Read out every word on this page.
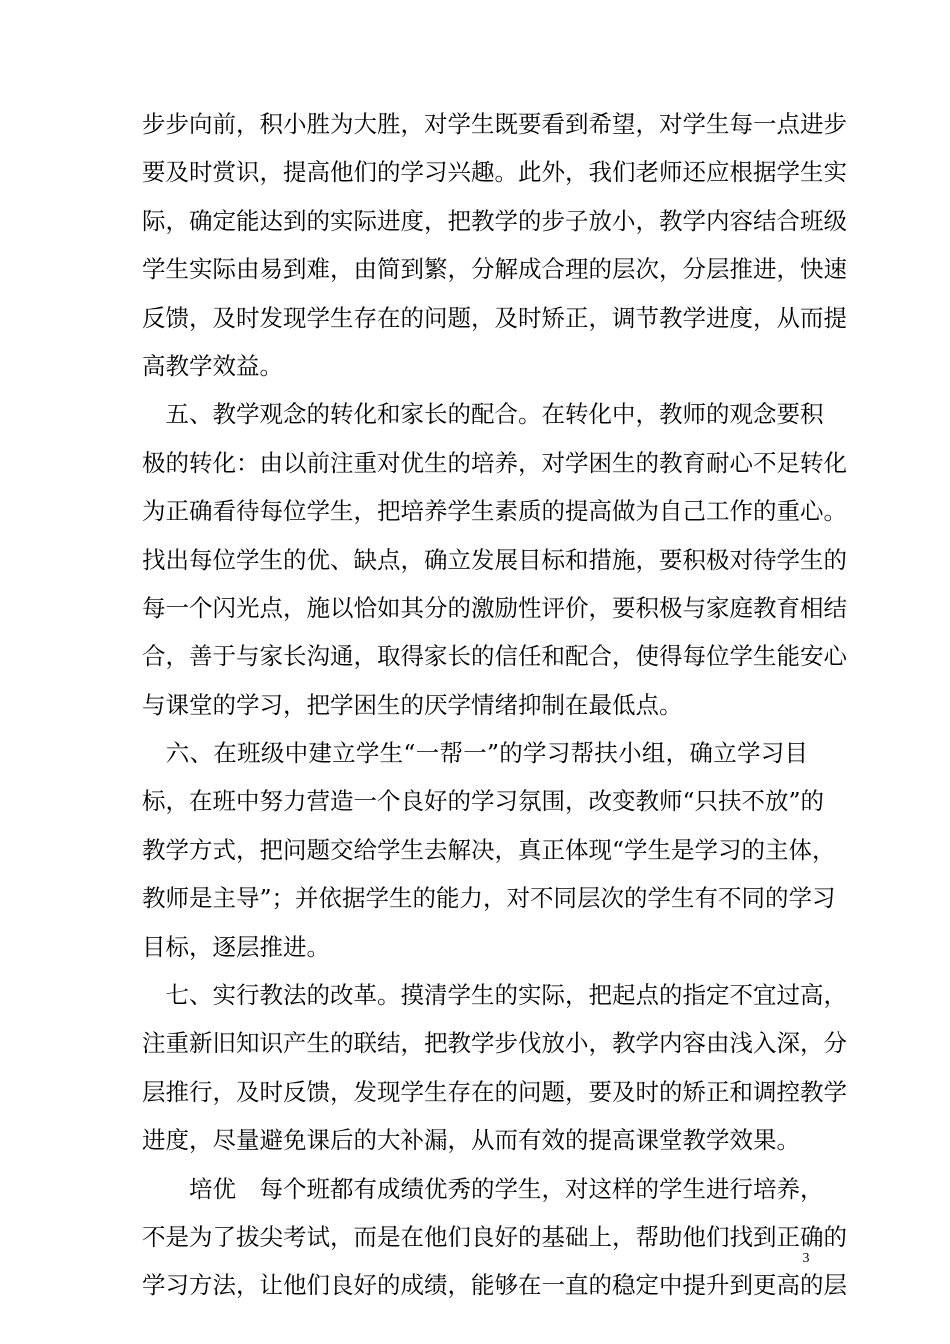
步步向前，积小胜为大胜，对学生既要看到希望，对学生每一点进步
要及时赏识，提高他们的学习兴趣。此外，我们老师还应根据学生实
际，确定能达到的实际进度，把教学的步子放小，教学内容结合班级
学生实际由易到难，由简到繁，分解成合理的层次，分层推进，快速
反馈，及时发现学生存在的问题，及时矫正，调节教学进度，从而提
高教学效益。
　五、教学观念的转化和家长的配合。在转化中，教师的观念要积
极的转化：由以前注重对优生的培养，对学困生的教育耐心不足转化
为正确看待每位学生，把培养学生素质的提高做为自己工作的重心。
找出每位学生的优、缺点，确立发展目标和措施，要积极对待学生的
每一个闪光点，施以恰如其分的激励性评价，要积极与家庭教育相结
合，善于与家长沟通，取得家长的信任和配合，使得每位学生能安心
与课堂的学习，把学困生的厌学情绪抑制在最低点。
　六、在班级中建立学生“一帮一”的学习帮扶小组，确立学习目
标，在班中努力营造一个良好的学习氛围，改变教师“只扶不放”的
教学方式，把问题交给学生去解决，真正体现“学生是学习的主体，
教师是主导”；并依据学生的能力，对不同层次的学生有不同的学习
目标，逐层推进。
　七、实行教法的改革。摸清学生的实际，把起点的指定不宜过高，
注重新旧知识产生的联结，把教学步伐放小，教学内容由浅入深，分
层推行，及时反馈，发现学生存在的问题，要及时的矫正和调控教学
进度，尽量避免课后的大补漏，从而有效的提高课堂教学效果。
　　培优　每个班都有成绩优秀的学生，对这样的学生进行培养，
不是为了拔尖考试，而是在他们良好的基础上，帮助他们找到正确的
学习方法，让他们良好的成绩，能够在一直的稳定中提升到更高的层
3
